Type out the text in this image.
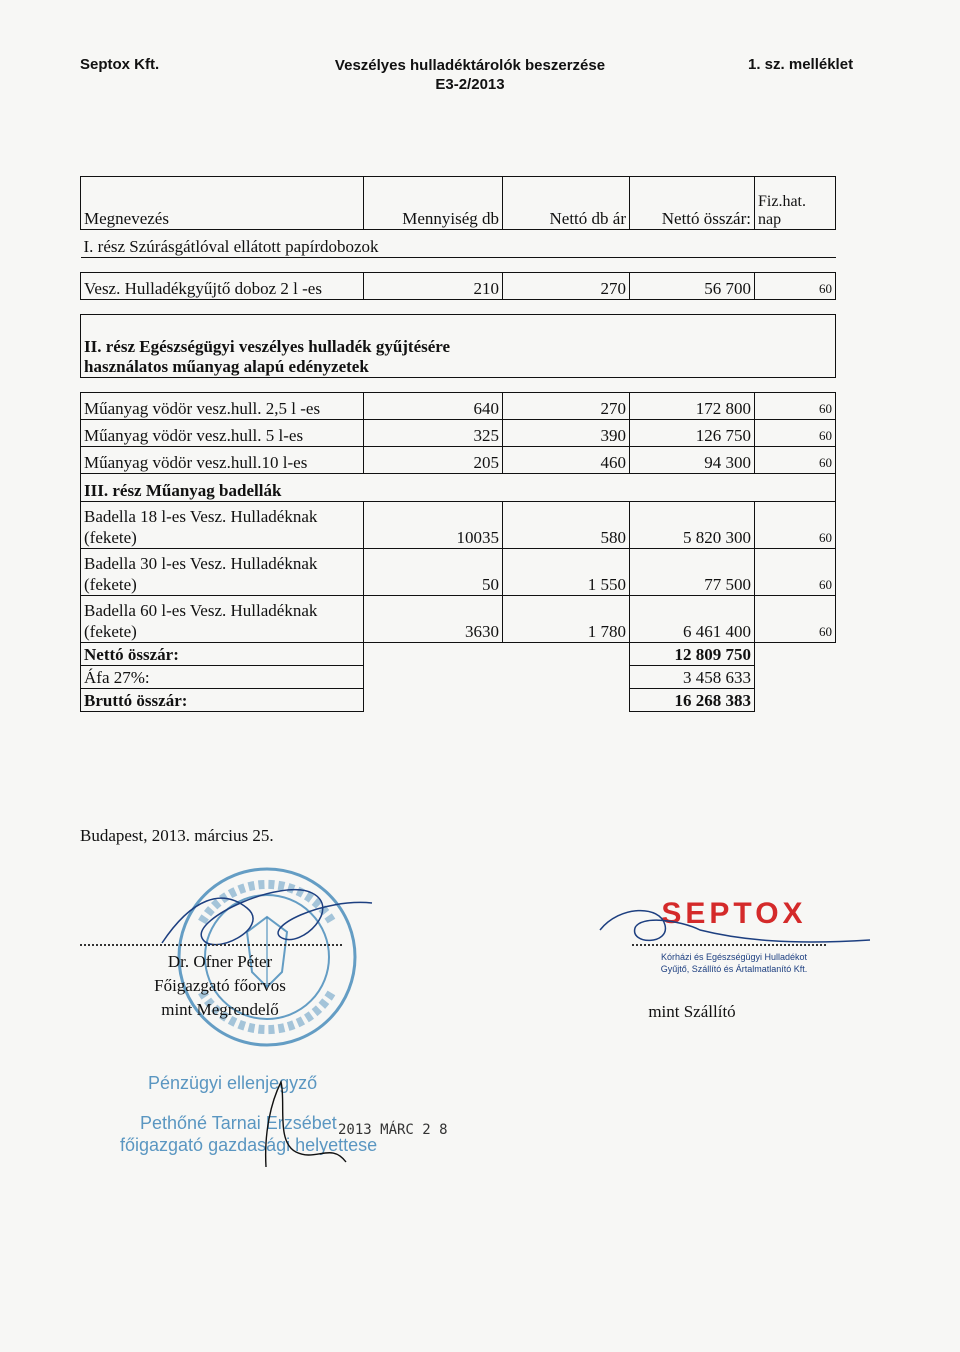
Septox Kft.	Veszélyes hulladéktárolók beszerzése
E3-2/2013
1. sz. melléklet
Megnevezés	Mennyiség db	Nettó db ár	Nettó összár:	Fiz.hat. nap
I. rész Szúrásgátlóval ellátott papírdobozok				

Vesz. Hulladékgyűjtő doboz 2 l -es	210	270	56 700	60

II. rész Egészségügyi veszélyes hulladék gyűjtésére használatos műanyag alapú edényzetek				

Műanyag vödör vesz.hull. 2,5 l -es	640	270	172 800	60
Műanyag vödör vesz.hull. 5 l-es	325	390	126 750	60
Műanyag vödör vesz.hull.10 l-es	205	460	94 300	60
III. rész Műanyag badellák				
Badella 18 l-es Vesz. Hulladéknak (fekete)	10035	580	5 820 300	60
Badella 30 l-es Vesz. Hulladéknak (fekete)	50	1 550	77 500	60
Badella 60 l-es Vesz. Hulladéknak (fekete)	3630	1 780	6 461 400	60
Nettó összár:			12 809 750	
Áfa 27%:			3 458 633	
Bruttó összár:			16 268 383	
Budapest, 2013. március 25.
Dr. Ofner Péter
Főigazgató főorvos
mint Megrendelő
SEPTOX
Kórházi és Egészségügyi Hulladékot
Gyűjtő, Szállító és Ártalmatlanító Kft.
mint Szállító
Pénzügyi ellenjegyző
Pethőné Tarnai Erzsébet
főigazgató gazdasági helyettese
2013 MÁRC 2 8
